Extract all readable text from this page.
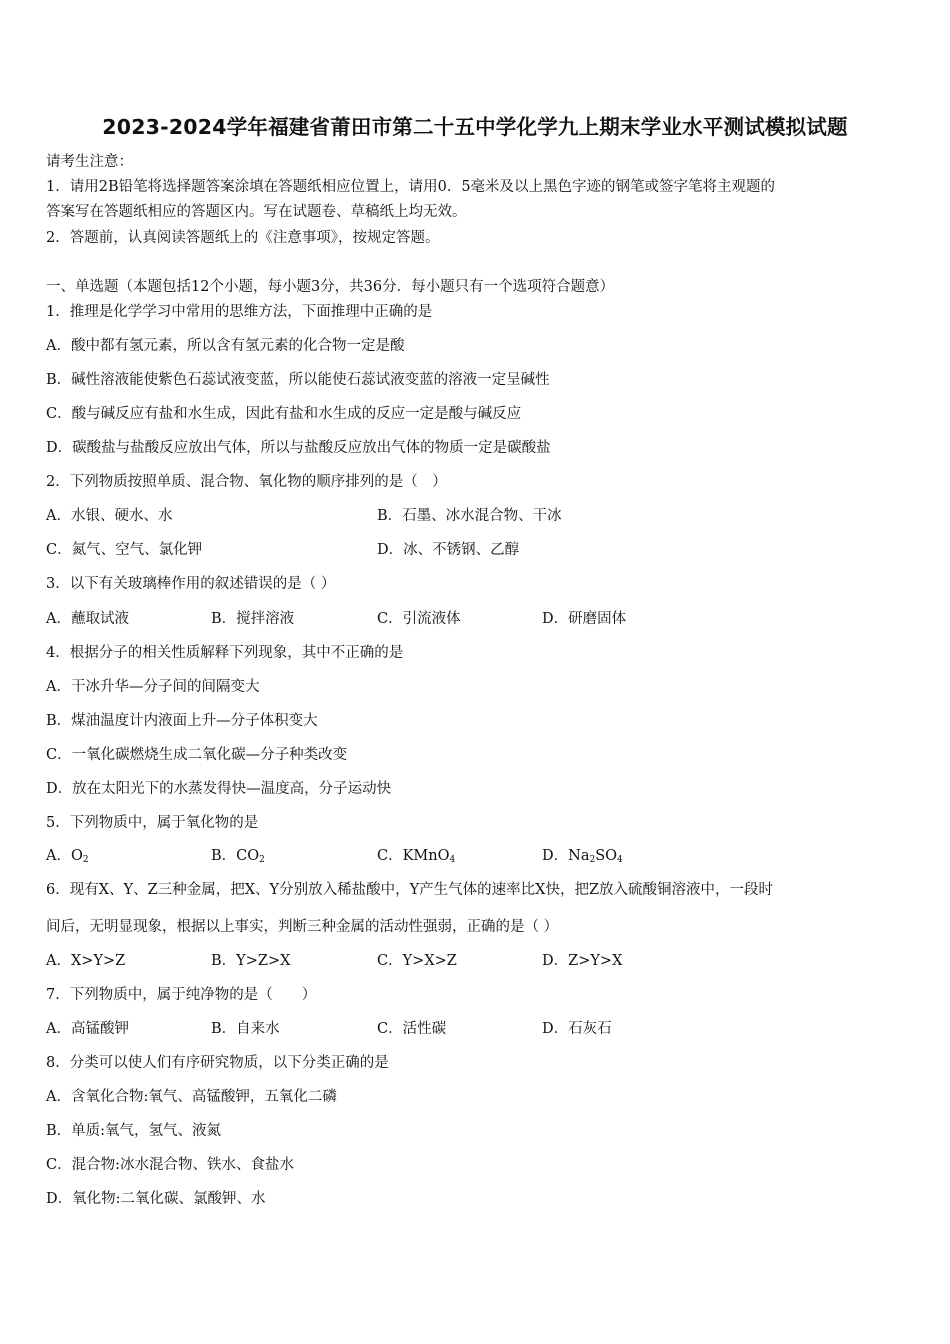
2023-2024学年福建省莆田市第二十五中学化学九上期末学业水平测试模拟试题
请考生注意：
1．请用2B铅笔将选择题答案涂填在答题纸相应位置上，请用0．5毫米及以上黑色字迹的钢笔或签字笔将主观题的
答案写在答题纸相应的答题区内。写在试题卷、草稿纸上均无效。
2．答题前，认真阅读答题纸上的《注意事项》，按规定答题。
一、单选题（本题包括12个小题，每小题3分，共36分．每小题只有一个选项符合题意）
1．推理是化学学习中常用的思维方法，下面推理中正确的是
A．酸中都有氢元素，所以含有氢元素的化合物一定是酸
B．碱性溶液能使紫色石蕊试液变蓝，所以能使石蕊试液变蓝的溶液一定呈碱性
C．酸与碱反应有盐和水生成，因此有盐和水生成的反应一定是酸与碱反应
D．碳酸盐与盐酸反应放出气体，所以与盐酸反应放出气体的物质一定是碳酸盐
2．下列物质按照单质、混合物、氧化物的顺序排列的是（　）
A．水银、硬水、水	B．石墨、冰水混合物、干冰
C．氮气、空气、氯化钾	D．冰、不锈钢、乙醇
3．以下有关玻璃棒作用的叙述错误的是（ ）
A．蘸取试液	B．搅拌溶液	C．引流液体	D．研磨固体
4．根据分子的相关性质解释下列现象，其中不正确的是
A．干冰升华—分子间的间隔变大
B．煤油温度计内液面上升—分子体积变大
C．一氧化碳燃烧生成二氧化碳—分子种类改变
D．放在太阳光下的水蒸发得快—温度高，分子运动快
5．下列物质中，属于氧化物的是
A．$O_2$	B．$CO_2$	C．KMnO$_4$	D．$Na_2SO_4$
6．现有X、Y、Z三种金属，把X、Y分别放入稀盐酸中，Y产生气体的速率比X快，把Z放入硫酸铜溶液中，一段时
间后，无明显现象，根据以上事实，判断三种金属的活动性强弱，正确的是（ ）
A．X>Y>Z	B．Y>Z>X	C．Y>X>Z	D．Z>Y>X
7．下列物质中，属于纯净物的是（　　）
A．高锰酸钾	B．自来水	C．活性碳	D．石灰石
8．分类可以使人们有序研究物质，以下分类正确的是
A．含氧化合物:氧气、高锰酸钾，五氧化二磷
B．单质:氧气，氢气、液氮
C．混合物:冰水混合物、铁水、食盐水
D．氧化物:二氧化碳、氯酸钾、水
